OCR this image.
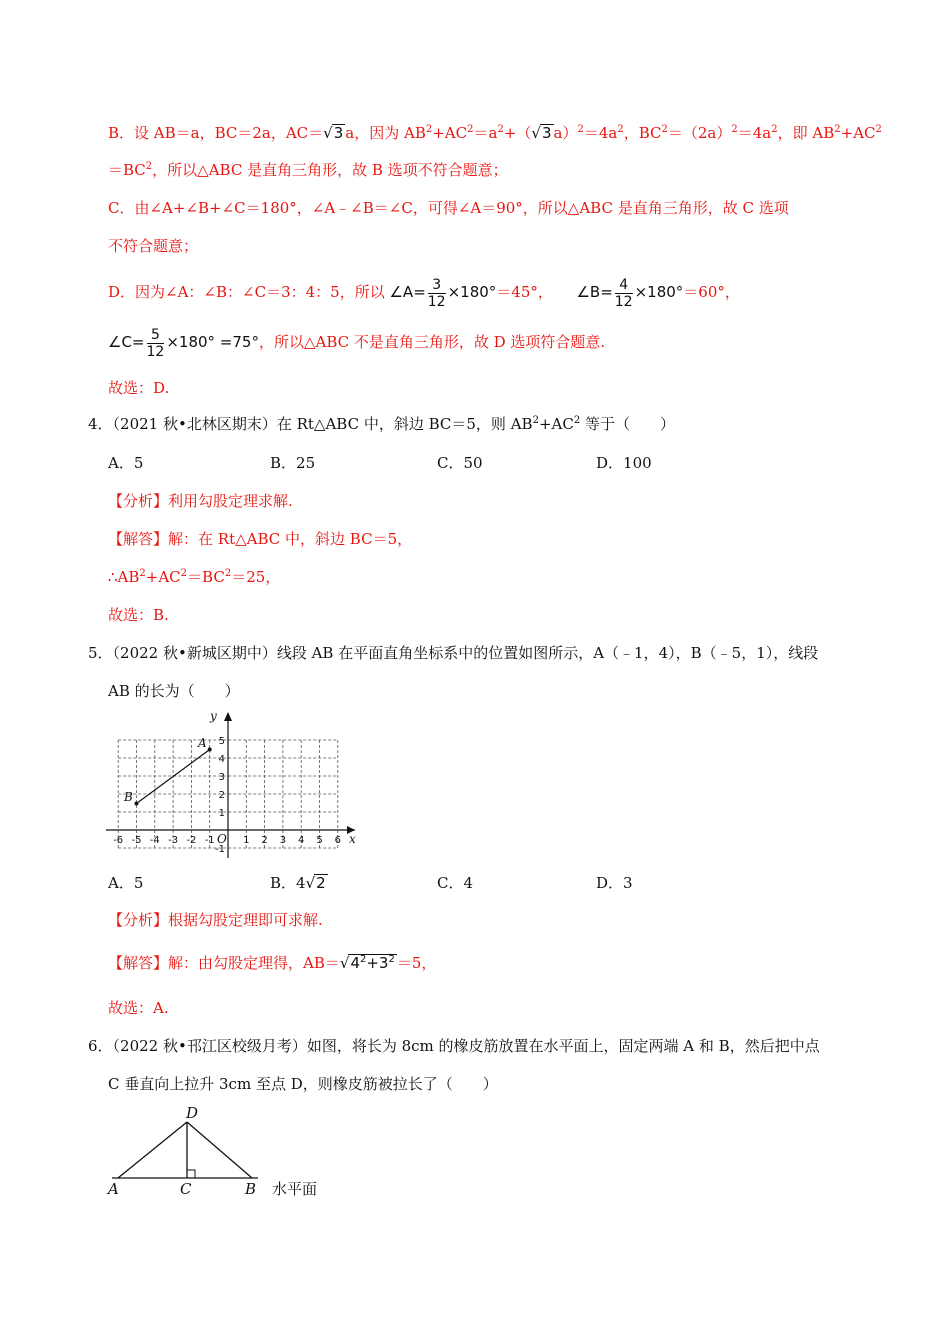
B．设 AB＝a，BC＝2a，AC＝√3 a，因为 $AB^2+AC^2=a^2+(√3$ $a)^2=4a^2$，$BC^2=(2a)^2=4a^2$，即 $AB^2+AC^2$
$=BC^2$，所以△ABC 是直角三角形，故 B 选项不符合题意；
C．由∠A+∠B+∠C＝180°，∠A﹣∠B＝∠C，可得∠A＝90°，所以△ABC 是直角三角形，故 C 选项
不符合题意；
D．因为∠A：∠B：∠C＝3：4：5，所以 ∠A= $\frac{3}{12} \times 180^\circ=45^\circ$， ∠B= $\frac{4}{12} \times 180^\circ=60^\circ$，
∠C= $\frac{5}{12} \times 180^\circ =75^\circ$，所以△ABC 不是直角三角形，故 D 选项符合题意.
故选：D.
4．（2021 秋•北林区期末）在 Rt△ABC 中，斜边 BC＝5，则 $AB^2+AC^2$ 等于（　　）
A．5	B．25	C．50	D．100
【分析】利用勾股定理求解.
【解答】解：在 Rt△ABC 中，斜边 BC＝5，
$\therefore AB^2+AC^2=BC^2=25$，
故选：B.
5．（2022 秋•新城区期中）线段 AB 在平面直角坐标系中的位置如图所示，A（﹣1，4），B（﹣5，1），线段
AB 的长为（　　）
B
A
y
x
O
-6 -5 -4 -3 -2 -1	1 2 3 4 5 6
5
4
3
2
1
-1
A．5	B．4√2	C．4	D．3
【分析】根据勾股定理即可求解.
【解答】解：由勾股定理得，$AB=√4^2+3^2 =5$，
故选：A.
6．（2022 秋•邗江区校级月考）如图，将长为 8cm 的橡皮筋放置在水平面上，固定两端 A 和 B，然后把中点
C 垂直向上拉升 3cm 至点 D，则橡皮筋被拉长了（　　）
A	C	B
D
水平面
